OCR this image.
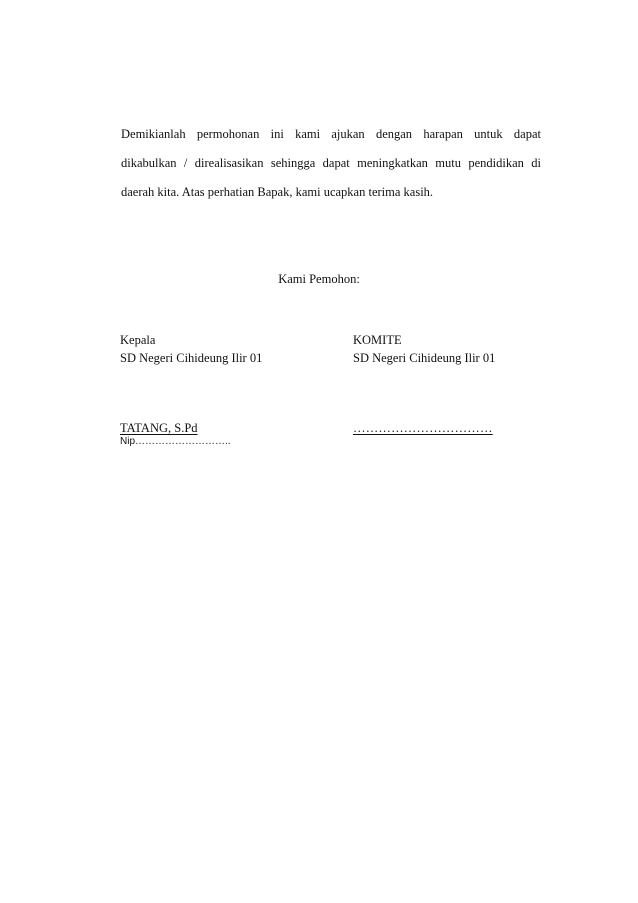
Demikianlah permohonan ini kami ajukan dengan harapan untuk dapat
dikabulkan / direalisasikan sehingga dapat meningkatkan mutu pendidikan di
daerah kita. Atas perhatian Bapak, kami ucapkan terima kasih.
Kami Pemohon:
Kepala
SD Negeri Cihideung Ilir 01
KOMITE
SD Negeri Cihideung Ilir 01
TATANG, S.Pd	……………………………
Nip………………………..
